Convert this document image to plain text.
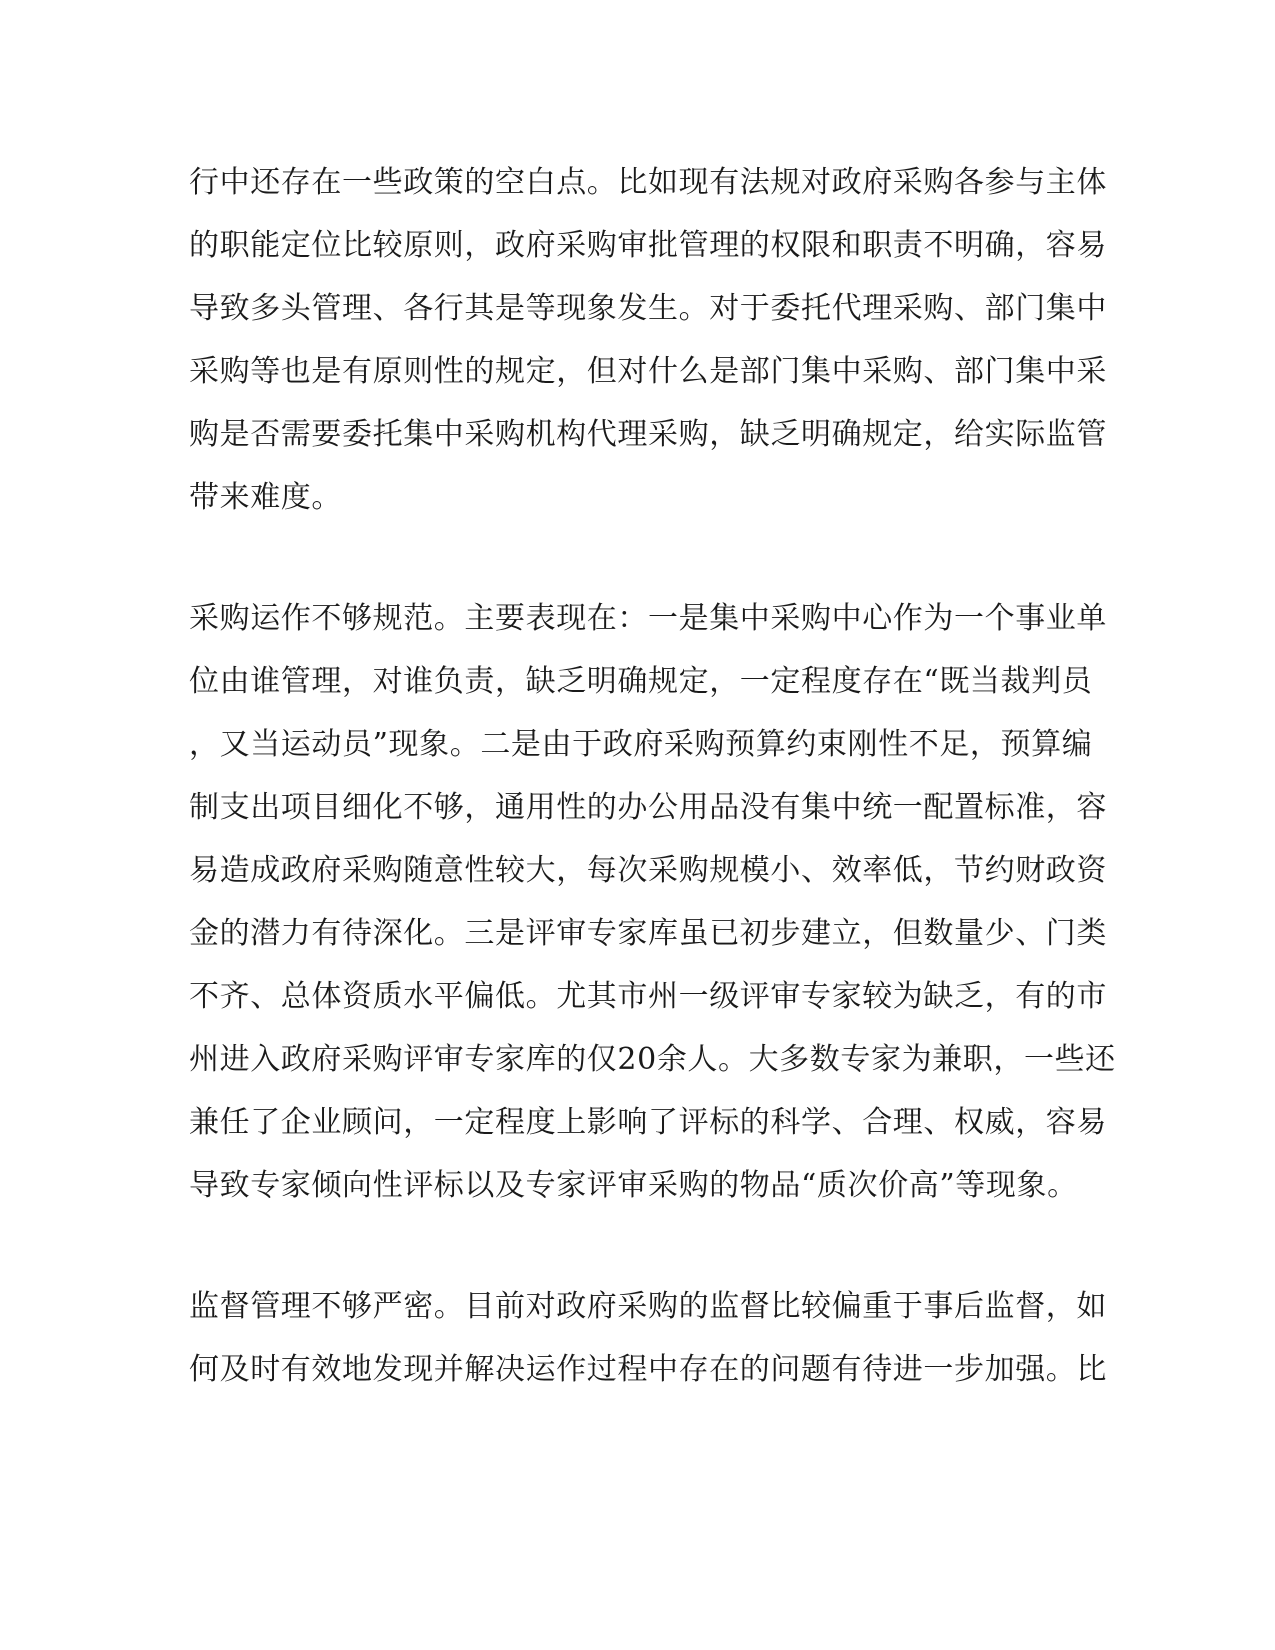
行中还存在一些政策的空白点。比如现有法规对政府采购各参与主体
的职能定位比较原则，政府采购审批管理的权限和职责不明确，容易
导致多头管理、各行其是等现象发生。对于委托代理采购、部门集中
采购等也是有原则性的规定，但对什么是部门集中采购、部门集中采
购是否需要委托集中采购机构代理采购，缺乏明确规定，给实际监管
带来难度。
采购运作不够规范。主要表现在：一是集中采购中心作为一个事业单
位由谁管理，对谁负责，缺乏明确规定，一定程度存在“既当裁判员
，又当运动员”现象。二是由于政府采购预算约束刚性不足，预算编
制支出项目细化不够，通用性的办公用品没有集中统一配置标准，容
易造成政府采购随意性较大，每次采购规模小、效率低，节约财政资
金的潜力有待深化。三是评审专家库虽已初步建立，但数量少、门类
不齐、总体资质水平偏低。尤其市州一级评审专家较为缺乏，有的市
州进入政府采购评审专家库的仅20余人。大多数专家为兼职，一些还
兼任了企业顾问，一定程度上影响了评标的科学、合理、权威，容易
导致专家倾向性评标以及专家评审采购的物品“质次价高”等现象。
监督管理不够严密。目前对政府采购的监督比较偏重于事后监督，如
何及时有效地发现并解决运作过程中存在的问题有待进一步加强。比
